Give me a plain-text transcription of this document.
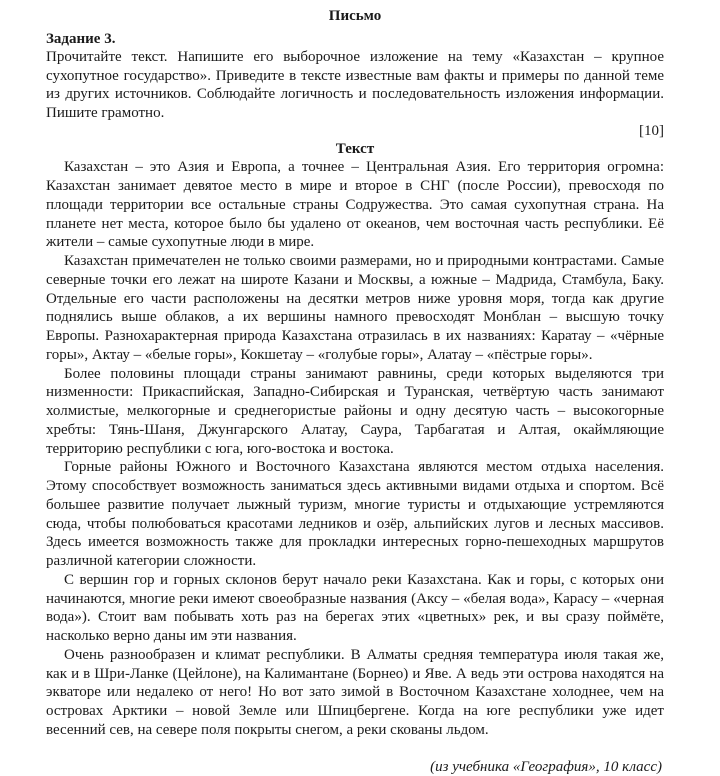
Письмо
Задание 3.
Прочитайте текст. Напишите его выборочное изложение на тему «Казахстан – крупное сухопутное государство». Приведите в тексте известные вам факты и примеры по данной теме из других источников. Соблюдайте логичность и последовательность изложения информации. Пишите грамотно.
[10]
Текст

Казахстан – это Азия и Европа, а точнее – Центральная Азия. Его территория огромна: Казахстан занимает девятое место в мире и второе в СНГ (после России), превосходя по площади территории все остальные страны Содружества. Это самая сухопутная страна. На планете нет места, которое было бы удалено от океанов, чем восточная часть республики. Её жители – самые сухопутные люди в мире.

Казахстан примечателен не только своими размерами, но и природными контрастами. Самые северные точки его лежат на широте Казани и Москвы, а южные – Мадрида, Стамбула, Баку. Отдельные его части расположены на десятки метров ниже уровня моря, тогда как другие поднялись выше облаков, а их вершины намного превосходят Монблан – высшую точку Европы. Разнохарактерная природа Казахстана отразилась в их названиях: Каратау – «чёрные горы», Актау – «белые горы», Кокшетау – «голубые горы», Алатау – «пёстрые горы».

Более половины площади страны занимают равнины, среди которых выделяются три низменности: Прикаспийская, Западно-Сибирская и Туранская, четвёртую часть занимают холмистые, мелкогорные и среднегористые районы и одну десятую часть – высокогорные хребты: Тянь-Шаня, Джунгарского Алатау, Саура, Тарбагатая и Алтая, окаймляющие территорию республики с юга, юго-востока и востока.

Горные районы Южного и Восточного Казахстана являются местом отдыха населения. Этому способствует возможность заниматься здесь активными видами отдыха и спортом. Всё большее развитие получает лыжный туризм, многие туристы и отдыхающие устремляются сюда, чтобы полюбоваться красотами ледников и озёр, альпийских лугов и лесных массивов. Здесь имеется возможность также для прокладки интересных горно-пешеходных маршрутов различной категории сложности.

С вершин гор и горных склонов берут начало реки Казахстана. Как и горы, с которых они начинаются, многие реки имеют своеобразные названия (Аксу – «белая вода», Карасу – «черная вода»). Стоит вам побывать хоть раз на берегах этих «цветных» рек, и вы сразу поймёте, насколько верно даны им эти названия.

Очень разнообразен и климат республики. В Алматы средняя температура июля такая же, как и в Шри-Ланке (Цейлоне), на Калимантане (Борнео) и Яве. А ведь эти острова находятся на экваторе или недалеко от него! Но вот зато зимой в Восточном Казахстане холоднее, чем на островах Арктики – новой Земле или Шпицбергене. Когда на юге республики уже идет весенний сев, на севере поля покрыты снегом, а реки скованы льдом.

(из учебника «География», 10 класс)
